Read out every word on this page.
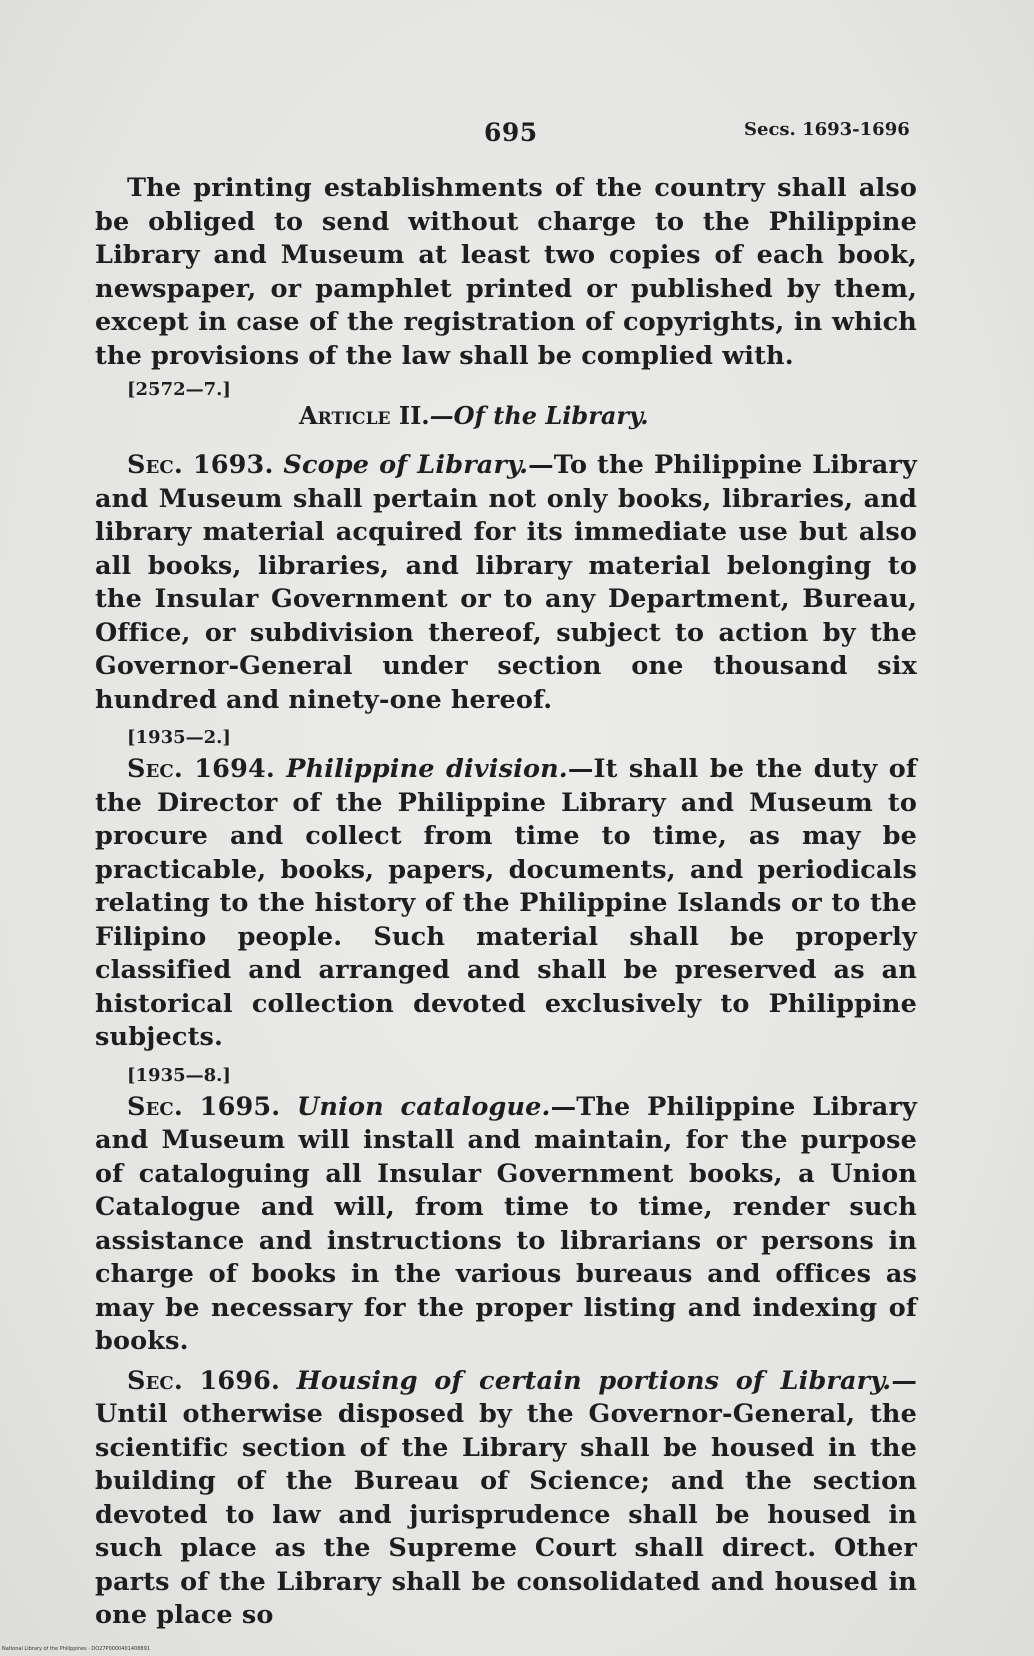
695	Secs. 1693-1696

The printing establishments of the country shall also be obliged to send without charge to the Philippine Library and Museum at least two copies of each book, newspaper, or pamphlet printed or published by them, except in case of the registration of copyrights, in which the provisions of the law shall be complied with.

[2572—7.]
Article II.—Of the Library.

Sec. 1693. Scope of Library.—To the Philippine Library and Museum shall pertain not only books, libraries, and library material acquired for its immediate use but also all books, libraries, and library material belonging to the Insular Government or to any Department, Bureau, Office, or subdivision thereof, subject to action by the Governor-General under section one thousand six hundred and ninety-one hereof.

[1935—2.]

Sec. 1694. Philippine division.—It shall be the duty of the Director of the Philippine Library and Museum to procure and collect from time to time, as may be practicable, books, papers, documents, and periodicals relating to the history of the Philippine Islands or to the Filipino people. Such material shall be properly classified and arranged and shall be preserved as an historical collection devoted exclusively to Philippine subjects.

[1935—8.]

Sec. 1695. Union catalogue.—The Philippine Library and Museum will install and maintain, for the purpose of cataloguing all Insular Government books, a Union Catalogue and will, from time to time, render such assistance and instructions to librarians or persons in charge of books in the various bureaus and offices as may be necessary for the proper listing and indexing of books.

Sec. 1696. Housing of certain portions of Library.—Until otherwise disposed by the Governor-General, the scientific section of the Library shall be housed in the building of the Bureau of Science; and the section devoted to law and jurisprudence shall be housed in such place as the Supreme Court shall direct. Other parts of the Library shall be consolidated and housed in one place so

National Library of the Philippines · DO27P0000401408891
